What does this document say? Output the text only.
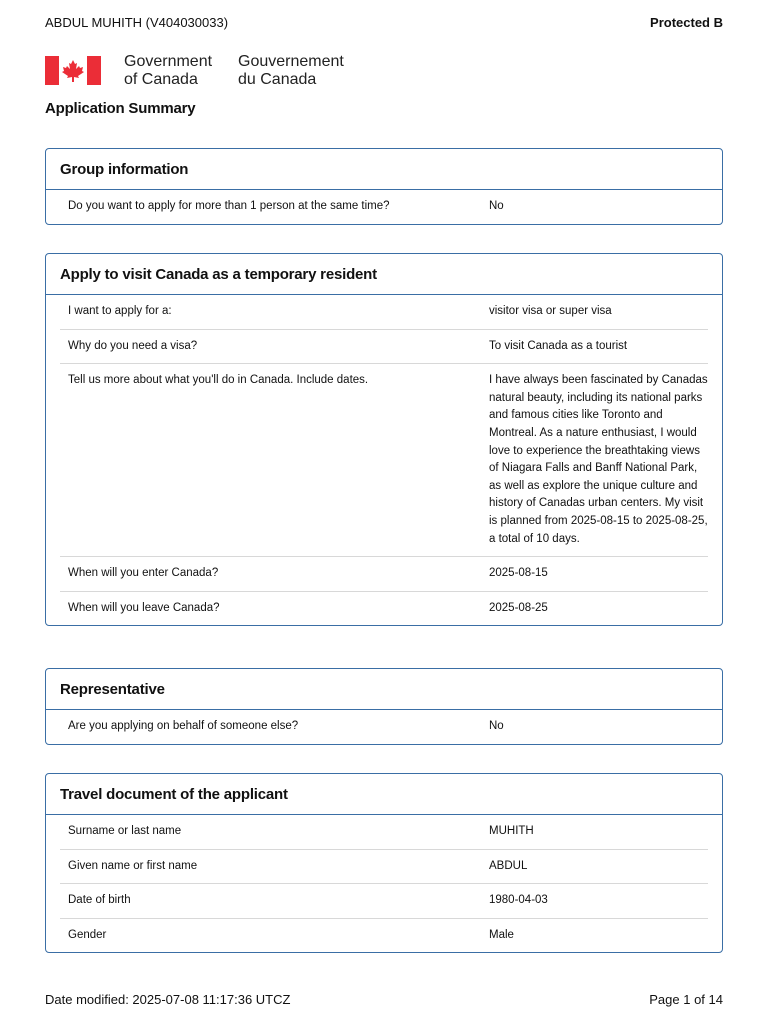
ABDUL MUHITH (V404030033)	Protected B
Government
of Canada
Gouvernement
du Canada
Application Summary
Group information
Do you want to apply for more than 1 person at the same time?	No
Apply to visit Canada as a temporary resident
I want to apply for a:	visitor visa or super visa
Why do you need a visa?	To visit Canada as a tourist
Tell us more about what you'll do in Canada. Include dates.	I have always been fascinated by Canadas natural beauty, including its national parks and famous cities like Toronto and Montreal. As a nature enthusiast, I would love to experience the breathtaking views of Niagara Falls and Banff National Park, as well as explore the unique culture and history of Canadas urban centers. My visit is planned from 2025-08-15 to 2025-08-25, a total of 10 days.
When will you enter Canada?	2025-08-15
When will you leave Canada?	2025-08-25
Representative
Are you applying on behalf of someone else?	No
Travel document of the applicant
Surname or last name	MUHITH
Given name or first name	ABDUL
Date of birth	1980-04-03
Gender	Male
Date modified: 2025-07-08 11:17:36 UTCZ	Page 1 of 14
